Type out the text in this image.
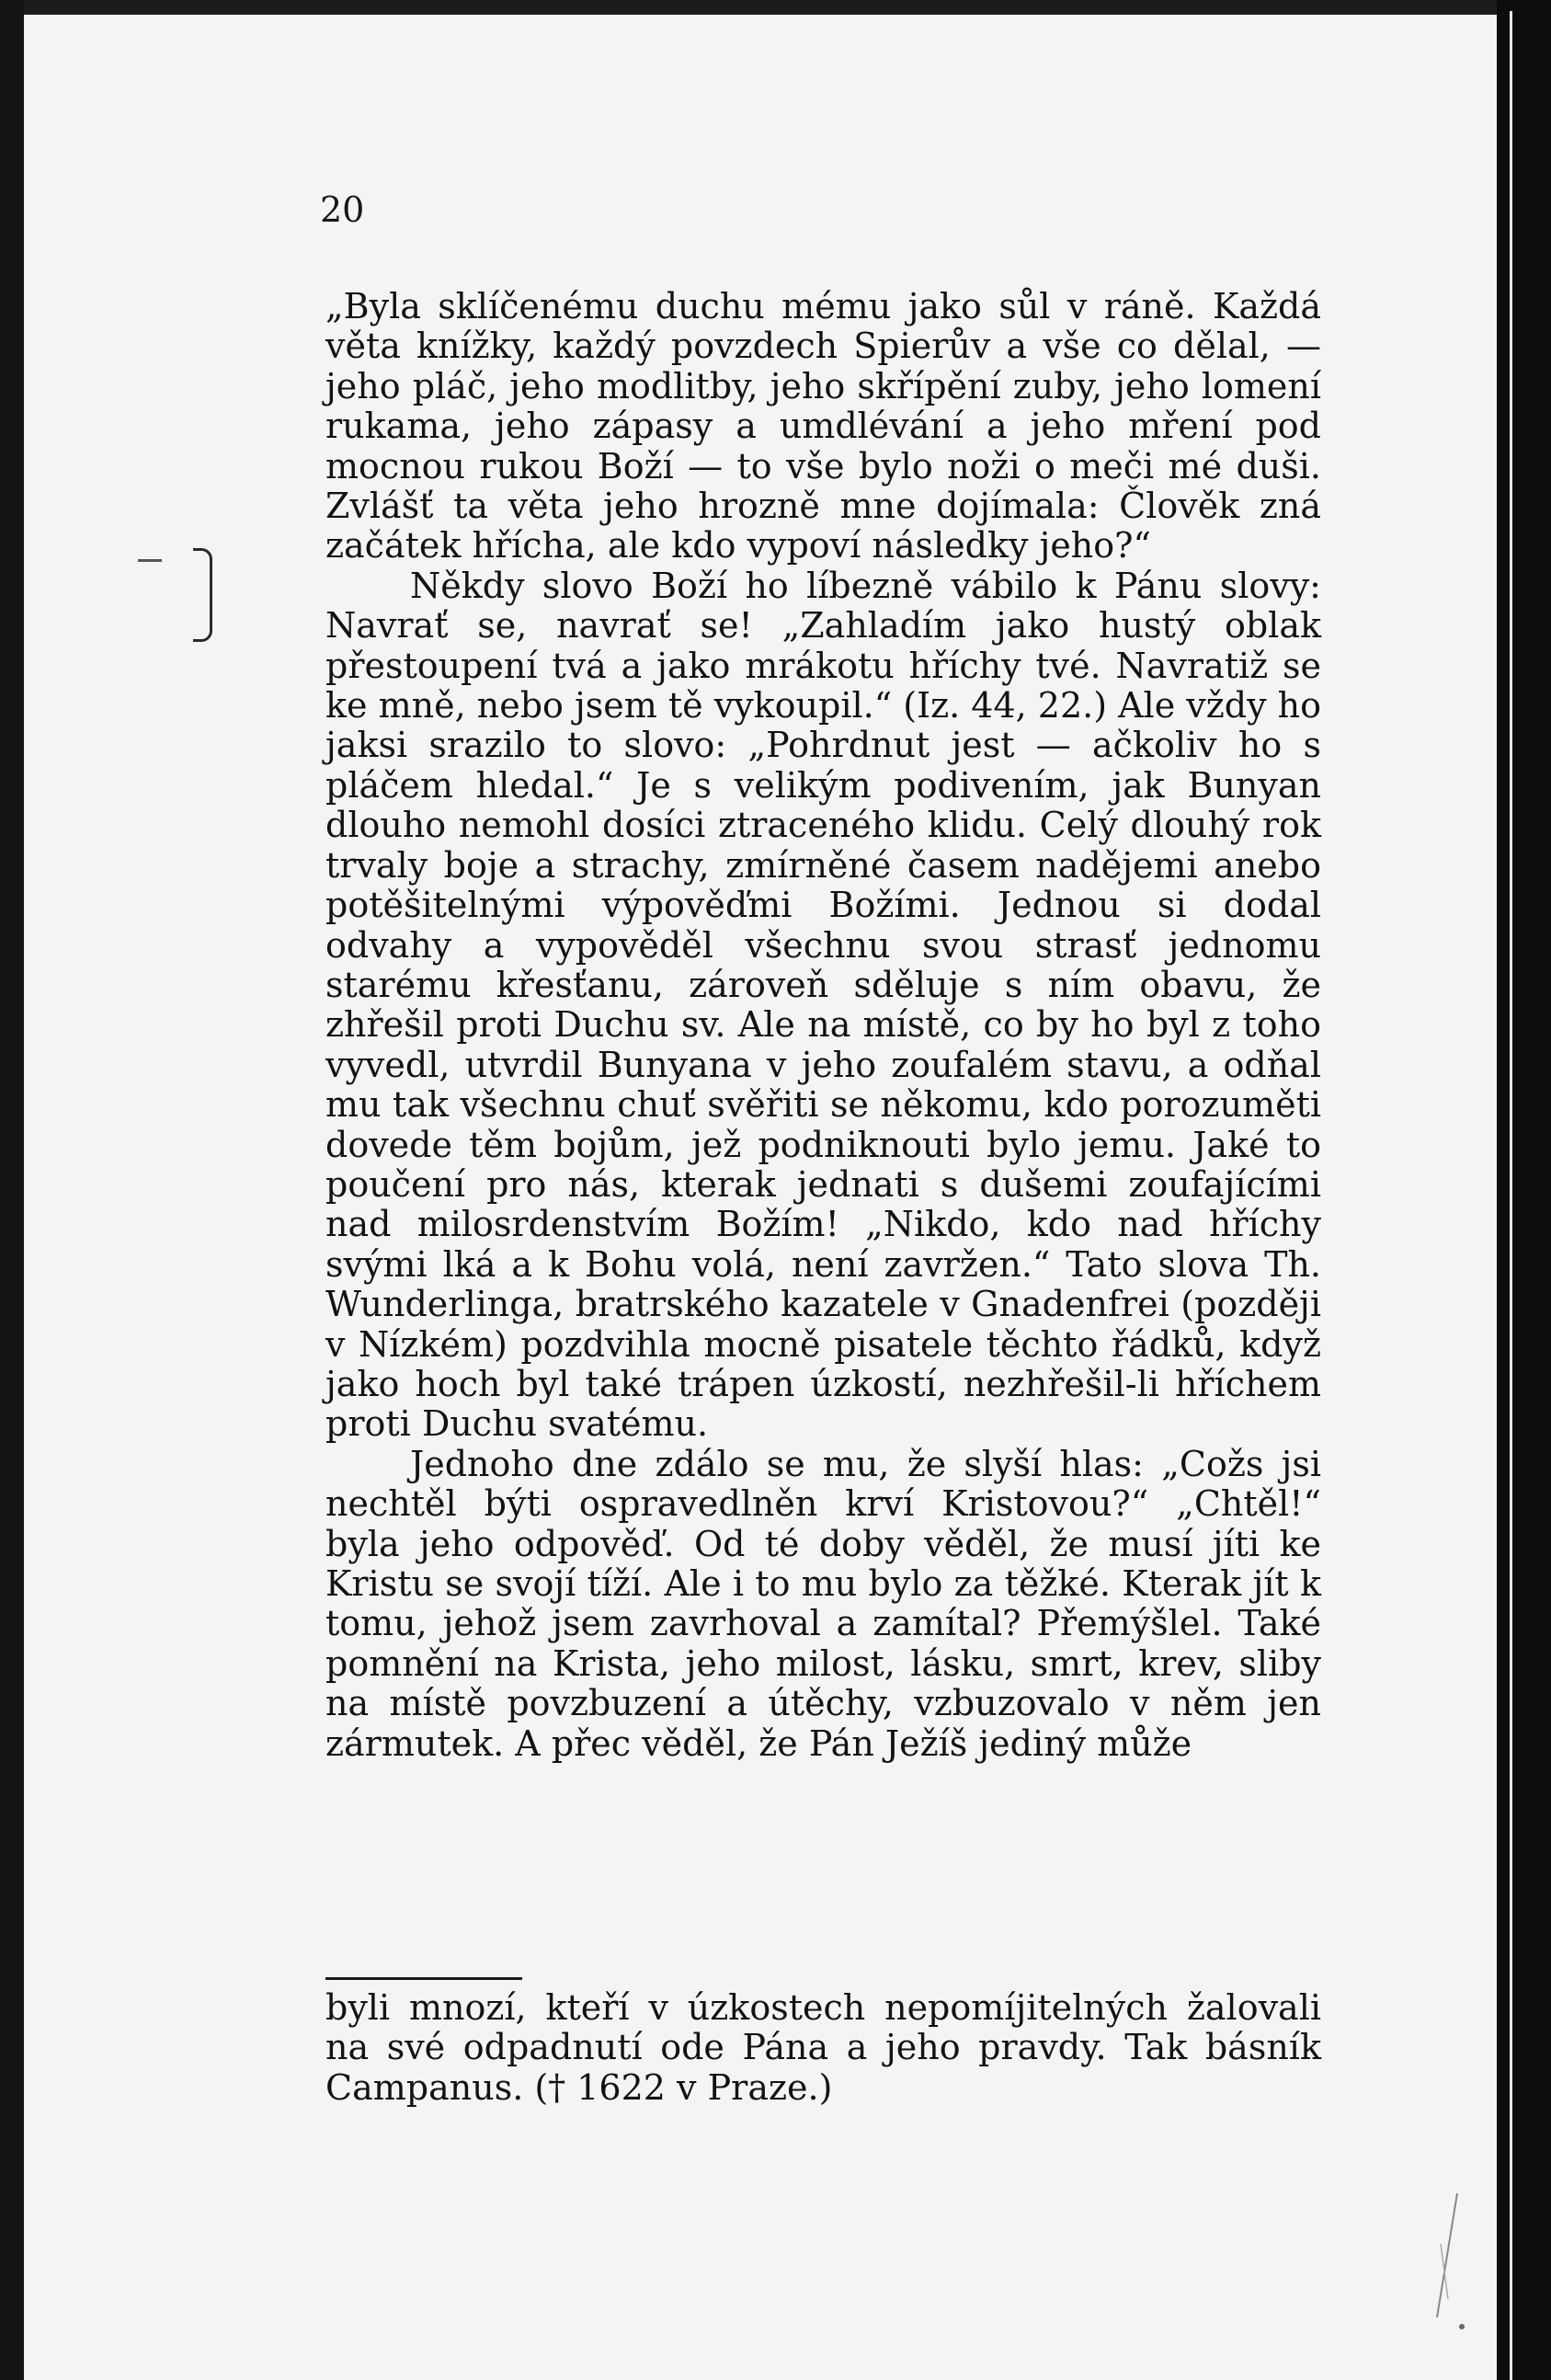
20

„Byla sklíčenému duchu mému jako sůl v ráně. Každá věta knížky, každý povzdech Spierův a vše co dělal, — jeho pláč, jeho modlitby, jeho skřípění zuby, jeho lomení rukama, jeho zápasy a umdlévání a jeho mření pod mocnou rukou Boží — to vše bylo noži o meči mé duši. Zvlášť ta věta jeho hrozně mne dojímala: Člověk zná začátek hřícha, ale kdo vypoví následky jeho?“

Někdy slovo Boží ho líbezně vábilo k Pánu slovy: Navrať se, navrať se! „Zahladím jako hustý oblak přestoupení tvá a jako mrákotu hříchy tvé. Navratiž se ke mně, nebo jsem tě vykoupil.“ (Iz. 44, 22.) Ale vždy ho jaksi srazilo to slovo: „Pohrdnut jest — ačkoliv ho s pláčem hledal.“ Je s velikým podivením, jak Bunyan dlouho nemohl dosíci ztraceného klidu. Celý dlouhý rok trvaly boje a strachy, zmírněné časem nadějemi anebo potěšitelnými výpověďmi Božími. Jednou si dodal odvahy a vypověděl všechnu svou strasť jednomu starému křesťanu, zároveň sděluje s ním obavu, že zhřešil proti Duchu sv. Ale na místě, co by ho byl z toho vyvedl, utvrdil Bunyana v jeho zoufalém stavu, a odňal mu tak všechnu chuť svěřiti se někomu, kdo porozuměti dovede těm bojům, jež podniknouti bylo jemu. Jaké to poučení pro nás, kterak jednati s dušemi zoufajícími nad milosrdenstvím Božím! „Nikdo, kdo nad hříchy svými lká a k Bohu volá, není zavržen.“ Tato slova Th. Wunderlinga, bratrského kazatele v Gnadenfrei (později v Nízkém) pozdvihla mocně pisatele těchto řádků, když jako hoch byl také trápen úzkostí, nezhřešil-li hříchem proti Duchu svatému.

Jednoho dne zdálo se mu, že slyší hlas: „Cožs jsi nechtěl býti ospravedlněn krví Kristovou?“ „Chtěl!“ byla jeho odpověď. Od té doby věděl, že musí jíti ke Kristu se svojí tíží. Ale i to mu bylo za těžké. Kterak jít k tomu, jehož jsem zavrhoval a zamítal? Přemýšlel. Také pomnění na Krista, jeho milost, lásku, smrt, krev, sliby na místě povzbuzení a útěchy, vzbuzovalo v něm jen zármutek. A přec věděl, že Pán Ježíš jediný může

byli mnozí, kteří v úzkostech nepomíjitelných žalovali na své odpadnutí ode Pána a jeho pravdy. Tak básník Campanus. († 1622 v Praze.)
